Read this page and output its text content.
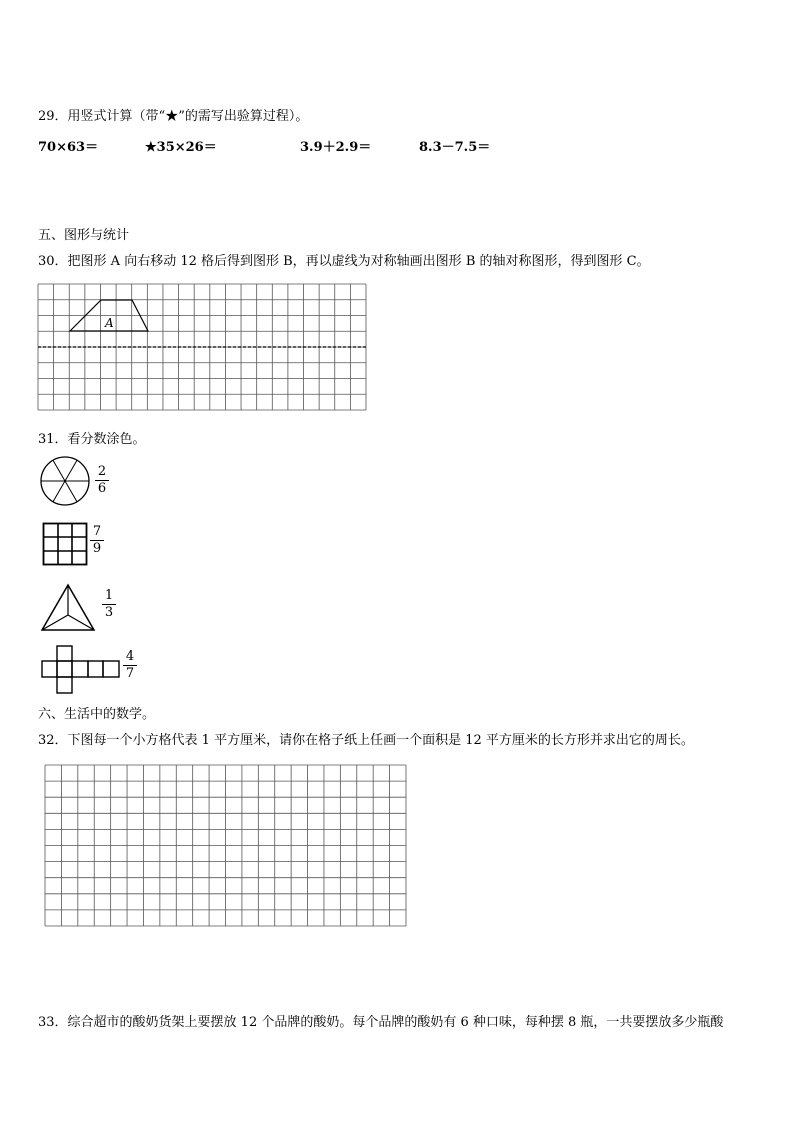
29．用竖式计算（带“★”的需写出验算过程）。
70×63＝	★35×26＝	3.9＋2.9＝	8.3－7.5＝
五、图形与统计
30．把图形 A 向右移动 12 格后得到图形 B，再以虚线为对称轴画出图形 B 的轴对称图形，得到图形 C。
A
31．看分数涂色。
2
6
7
9
1
3
4
7
六、生活中的数学。
32．下图每一个小方格代表 1 平方厘米，请你在格子纸上任画一个面积是 12 平方厘米的长方形并求出它的周长。
33．综合超市的酸奶货架上要摆放 12 个品牌的酸奶。每个品牌的酸奶有 6 种口味，每种摆 8 瓶，一共要摆放多少瓶酸
